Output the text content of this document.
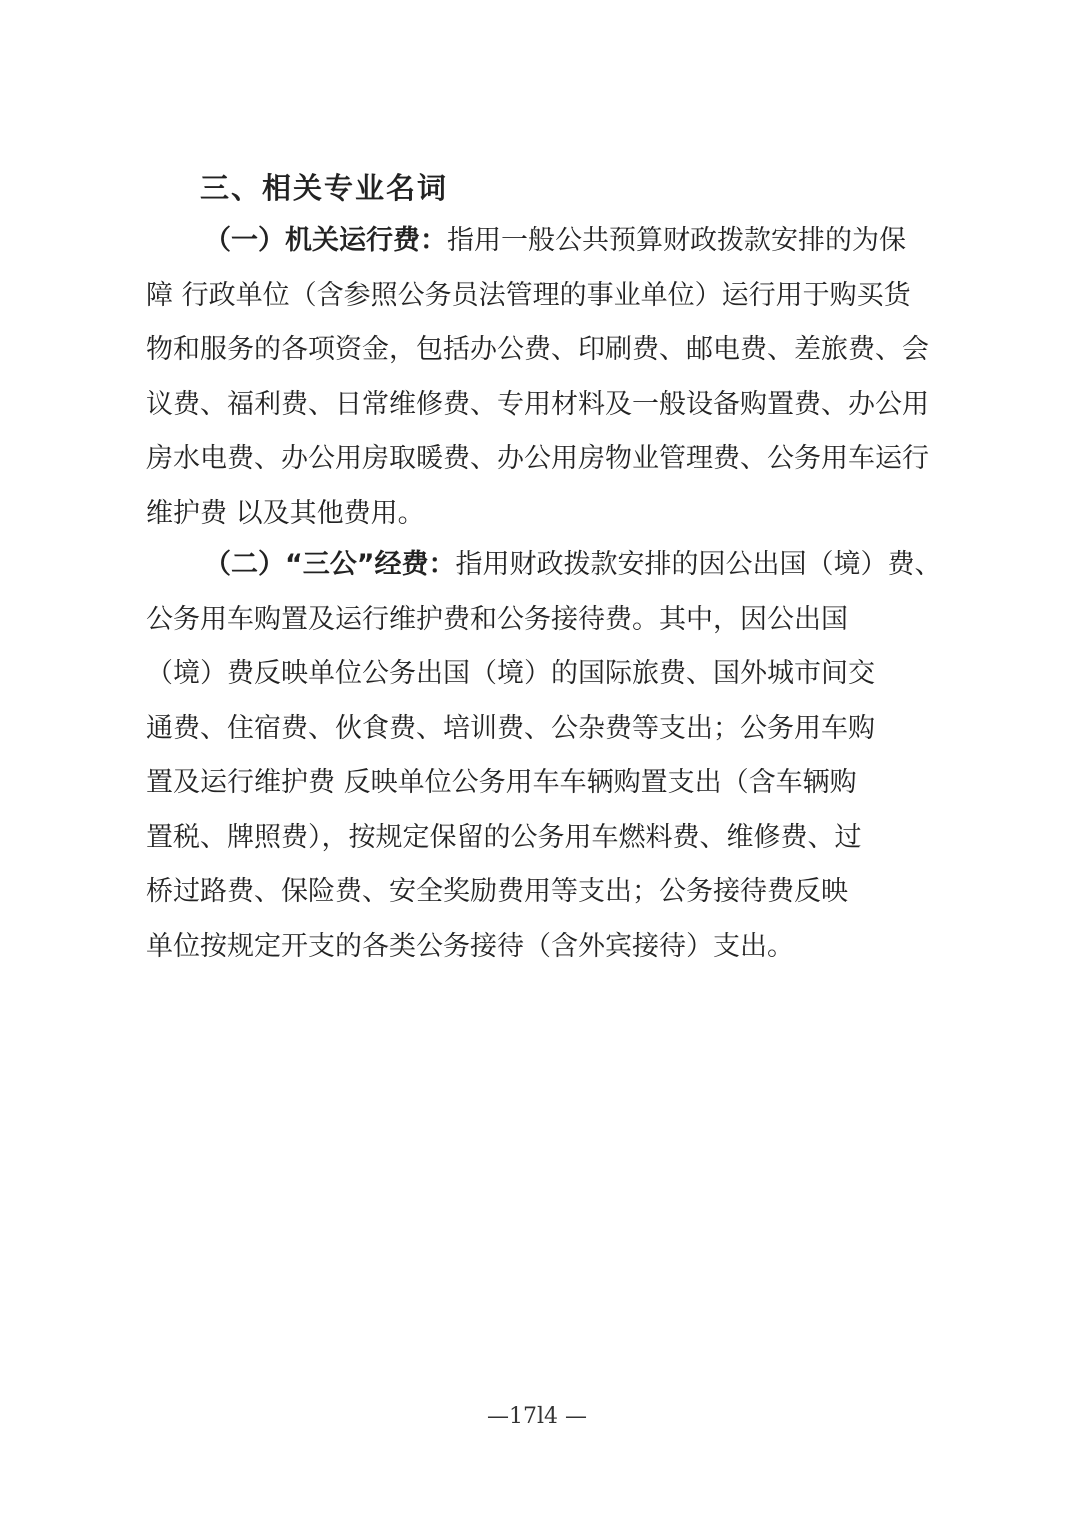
三、相关专业名词
（一）机关运行费：指用一般公共预算财政拨款安排的为保
障 行政单位（含参照公务员法管理的事业单位）运行用于购买货
物和服务的各项资金，包括办公费、印刷费、邮电费、差旅费、会
议费、福利费、日常维修费、专用材料及一般设备购置费、办公用
房水电费、办公用房取暖费、办公用房物业管理费、公务用车运行
维护费 以及其他费用。
（二）“三公”经费：指用财政拨款安排的因公出国（境）费、
公务用车购置及运行维护费和公务接待费。其中，因公出国
（境）费反映单位公务出国（境）的国际旅费、国外城市间交
通费、住宿费、伙食费、培训费、公杂费等支出；公务用车购
置及运行维护费 反映单位公务用车车辆购置支出（含车辆购
置税、牌照费），按规定保留的公务用车燃料费、维修费、过
桥过路费、保险费、安全奖励费用等支出；公务接待费反映
单位按规定开支的各类公务接待（含外宾接待）支出。
—17l4 —
